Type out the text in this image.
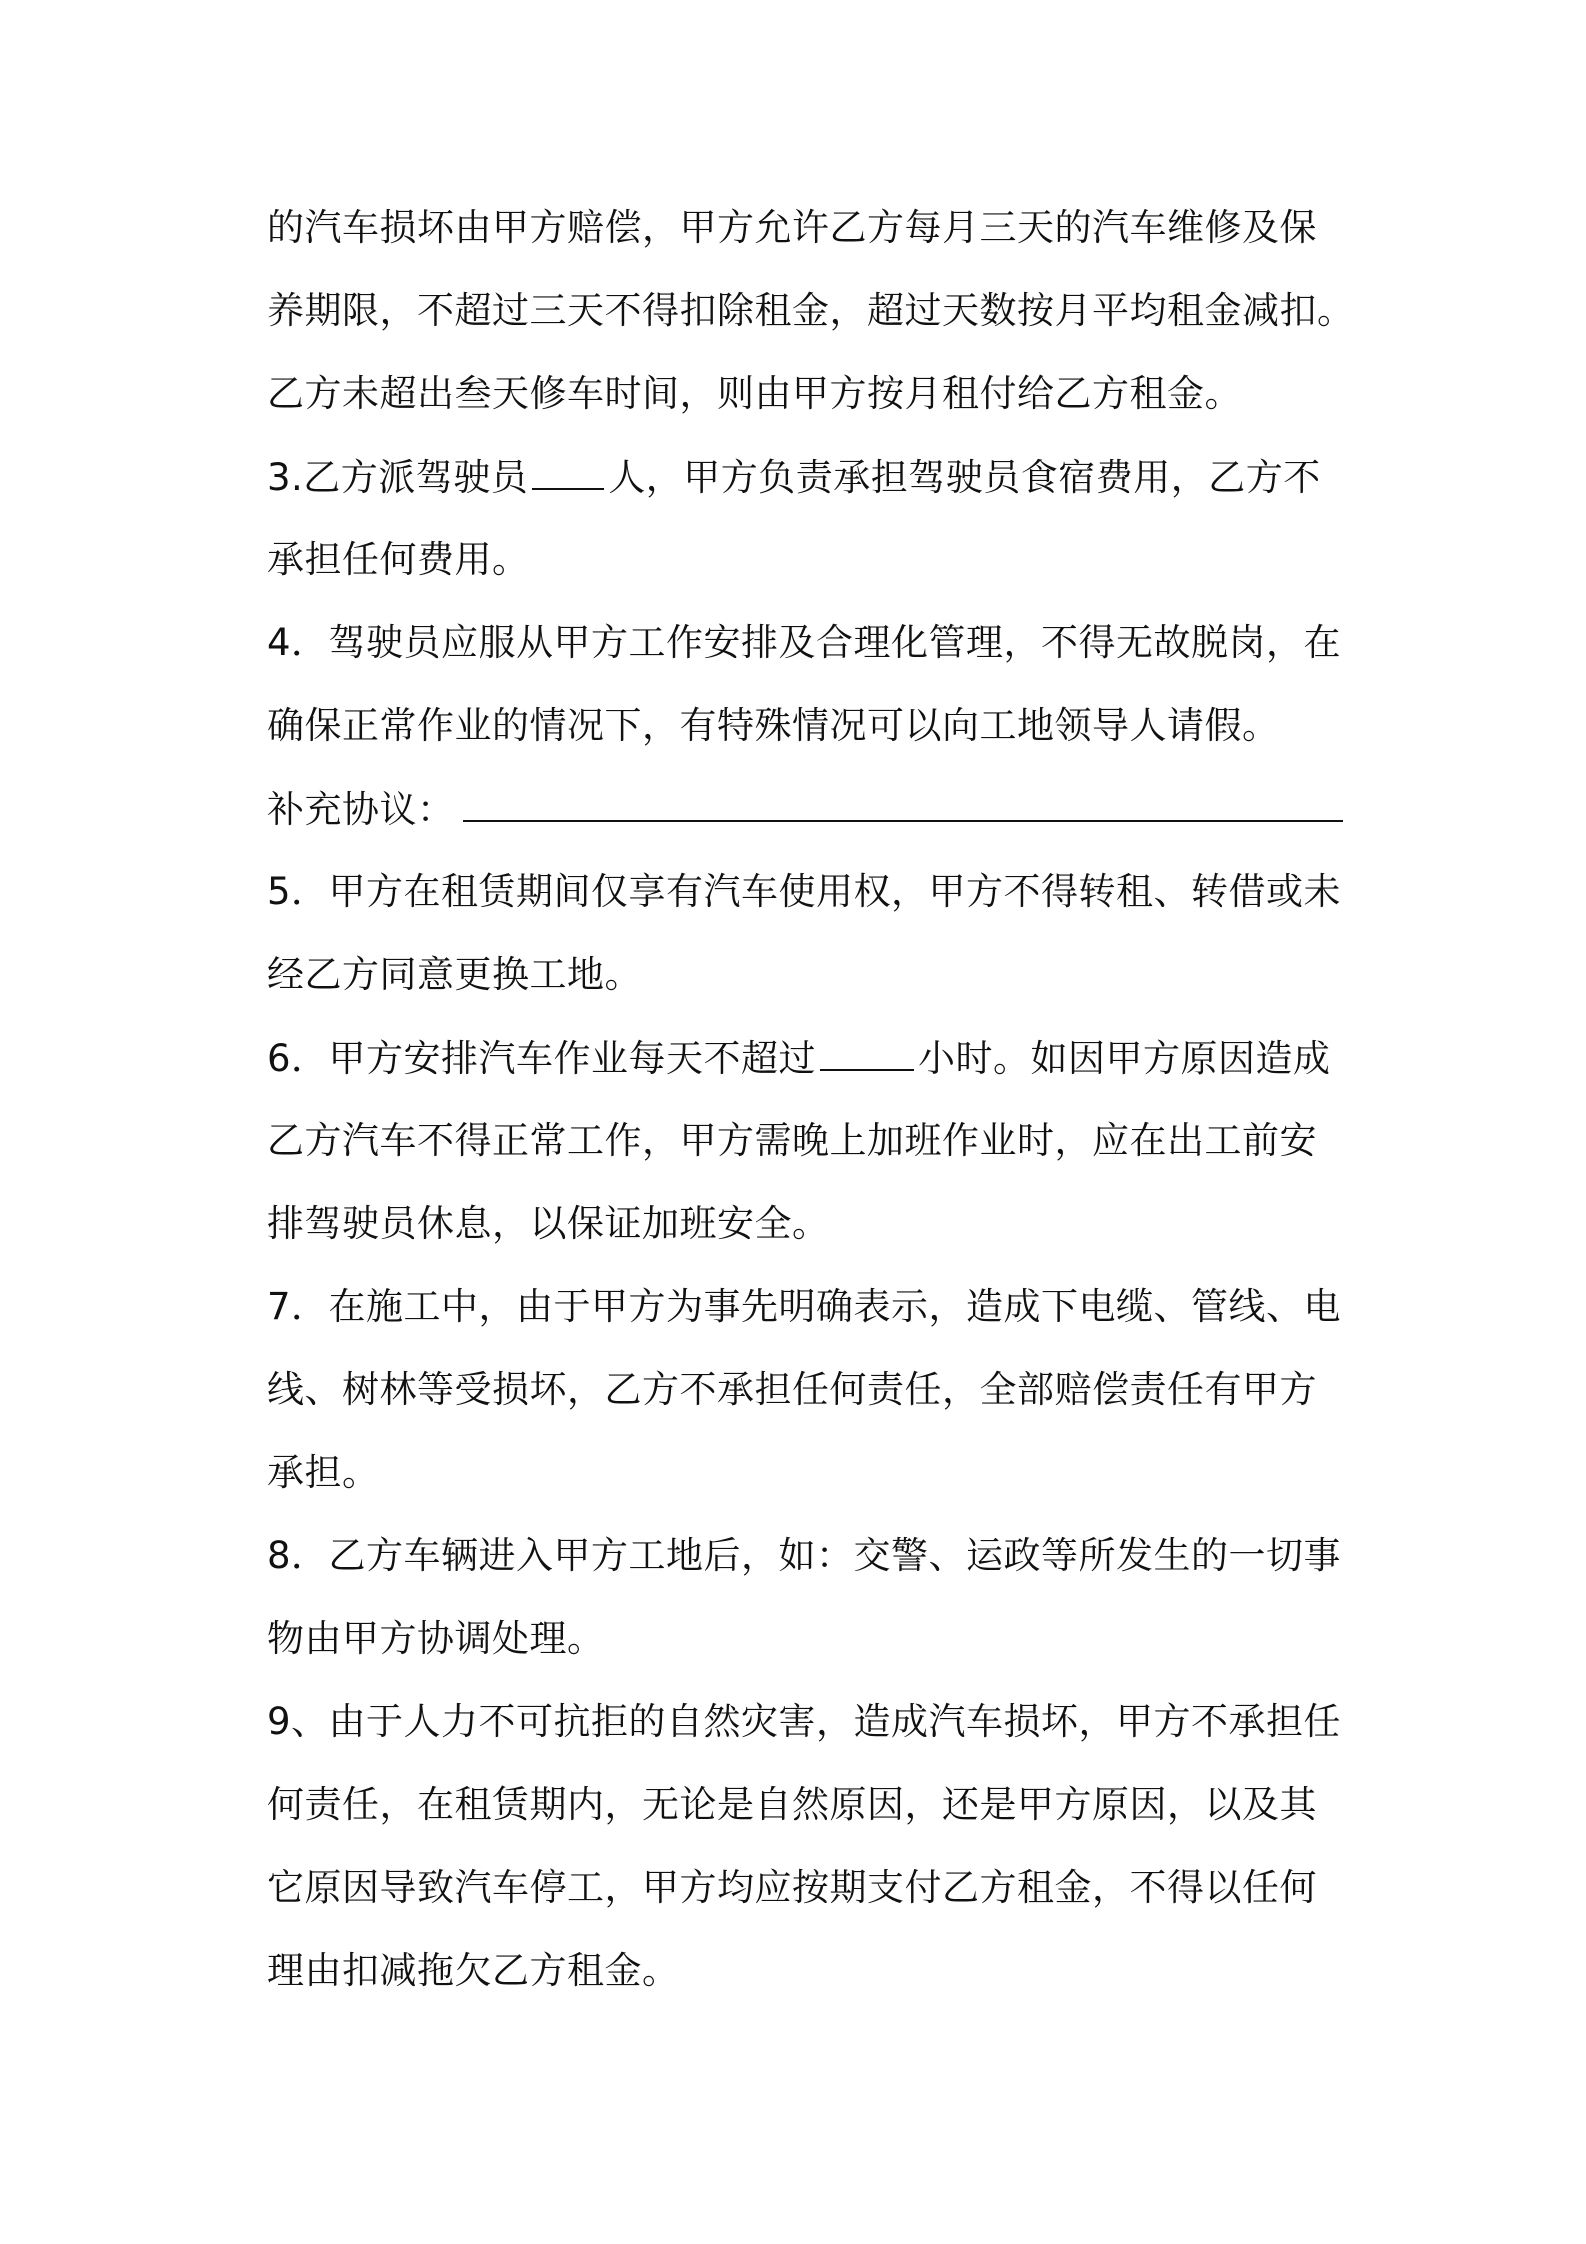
的汽车损坏由甲方赔偿，甲方允许乙方每月三天的汽车维修及保
养期限，不超过三天不得扣除租金，超过天数按月平均租金减扣。
乙方未超出叁天修车时间，则由甲方按月租付给乙方租金。
3.乙方派驾驶员 人，甲方负责承担驾驶员食宿费用，乙方不
承担任何费用。
4．驾驶员应服从甲方工作安排及合理化管理，不得无故脱岗，在
确保正常作业的情况下，有特殊情况可以向工地领导人请假。
补充协议：
5．甲方在租赁期间仅享有汽车使用权，甲方不得转租、转借或未
经乙方同意更换工地。
6．甲方安排汽车作业每天不超过	小时。如因甲方原因造成
乙方汽车不得正常工作，甲方需晚上加班作业时，应在出工前安
排驾驶员休息，以保证加班安全。
7．在施工中，由于甲方为事先明确表示，造成下电缆、管线、电
线、树林等受损坏，乙方不承担任何责任，全部赔偿责任有甲方
承担。
8．乙方车辆进入甲方工地后，如：交警、运政等所发生的一切事
物由甲方协调处理。
9、由于人力不可抗拒的自然灾害，造成汽车损坏，甲方不承担任
何责任，在租赁期内，无论是自然原因，还是甲方原因，以及其
它原因导致汽车停工，甲方均应按期支付乙方租金，不得以任何
理由扣减拖欠乙方租金。
